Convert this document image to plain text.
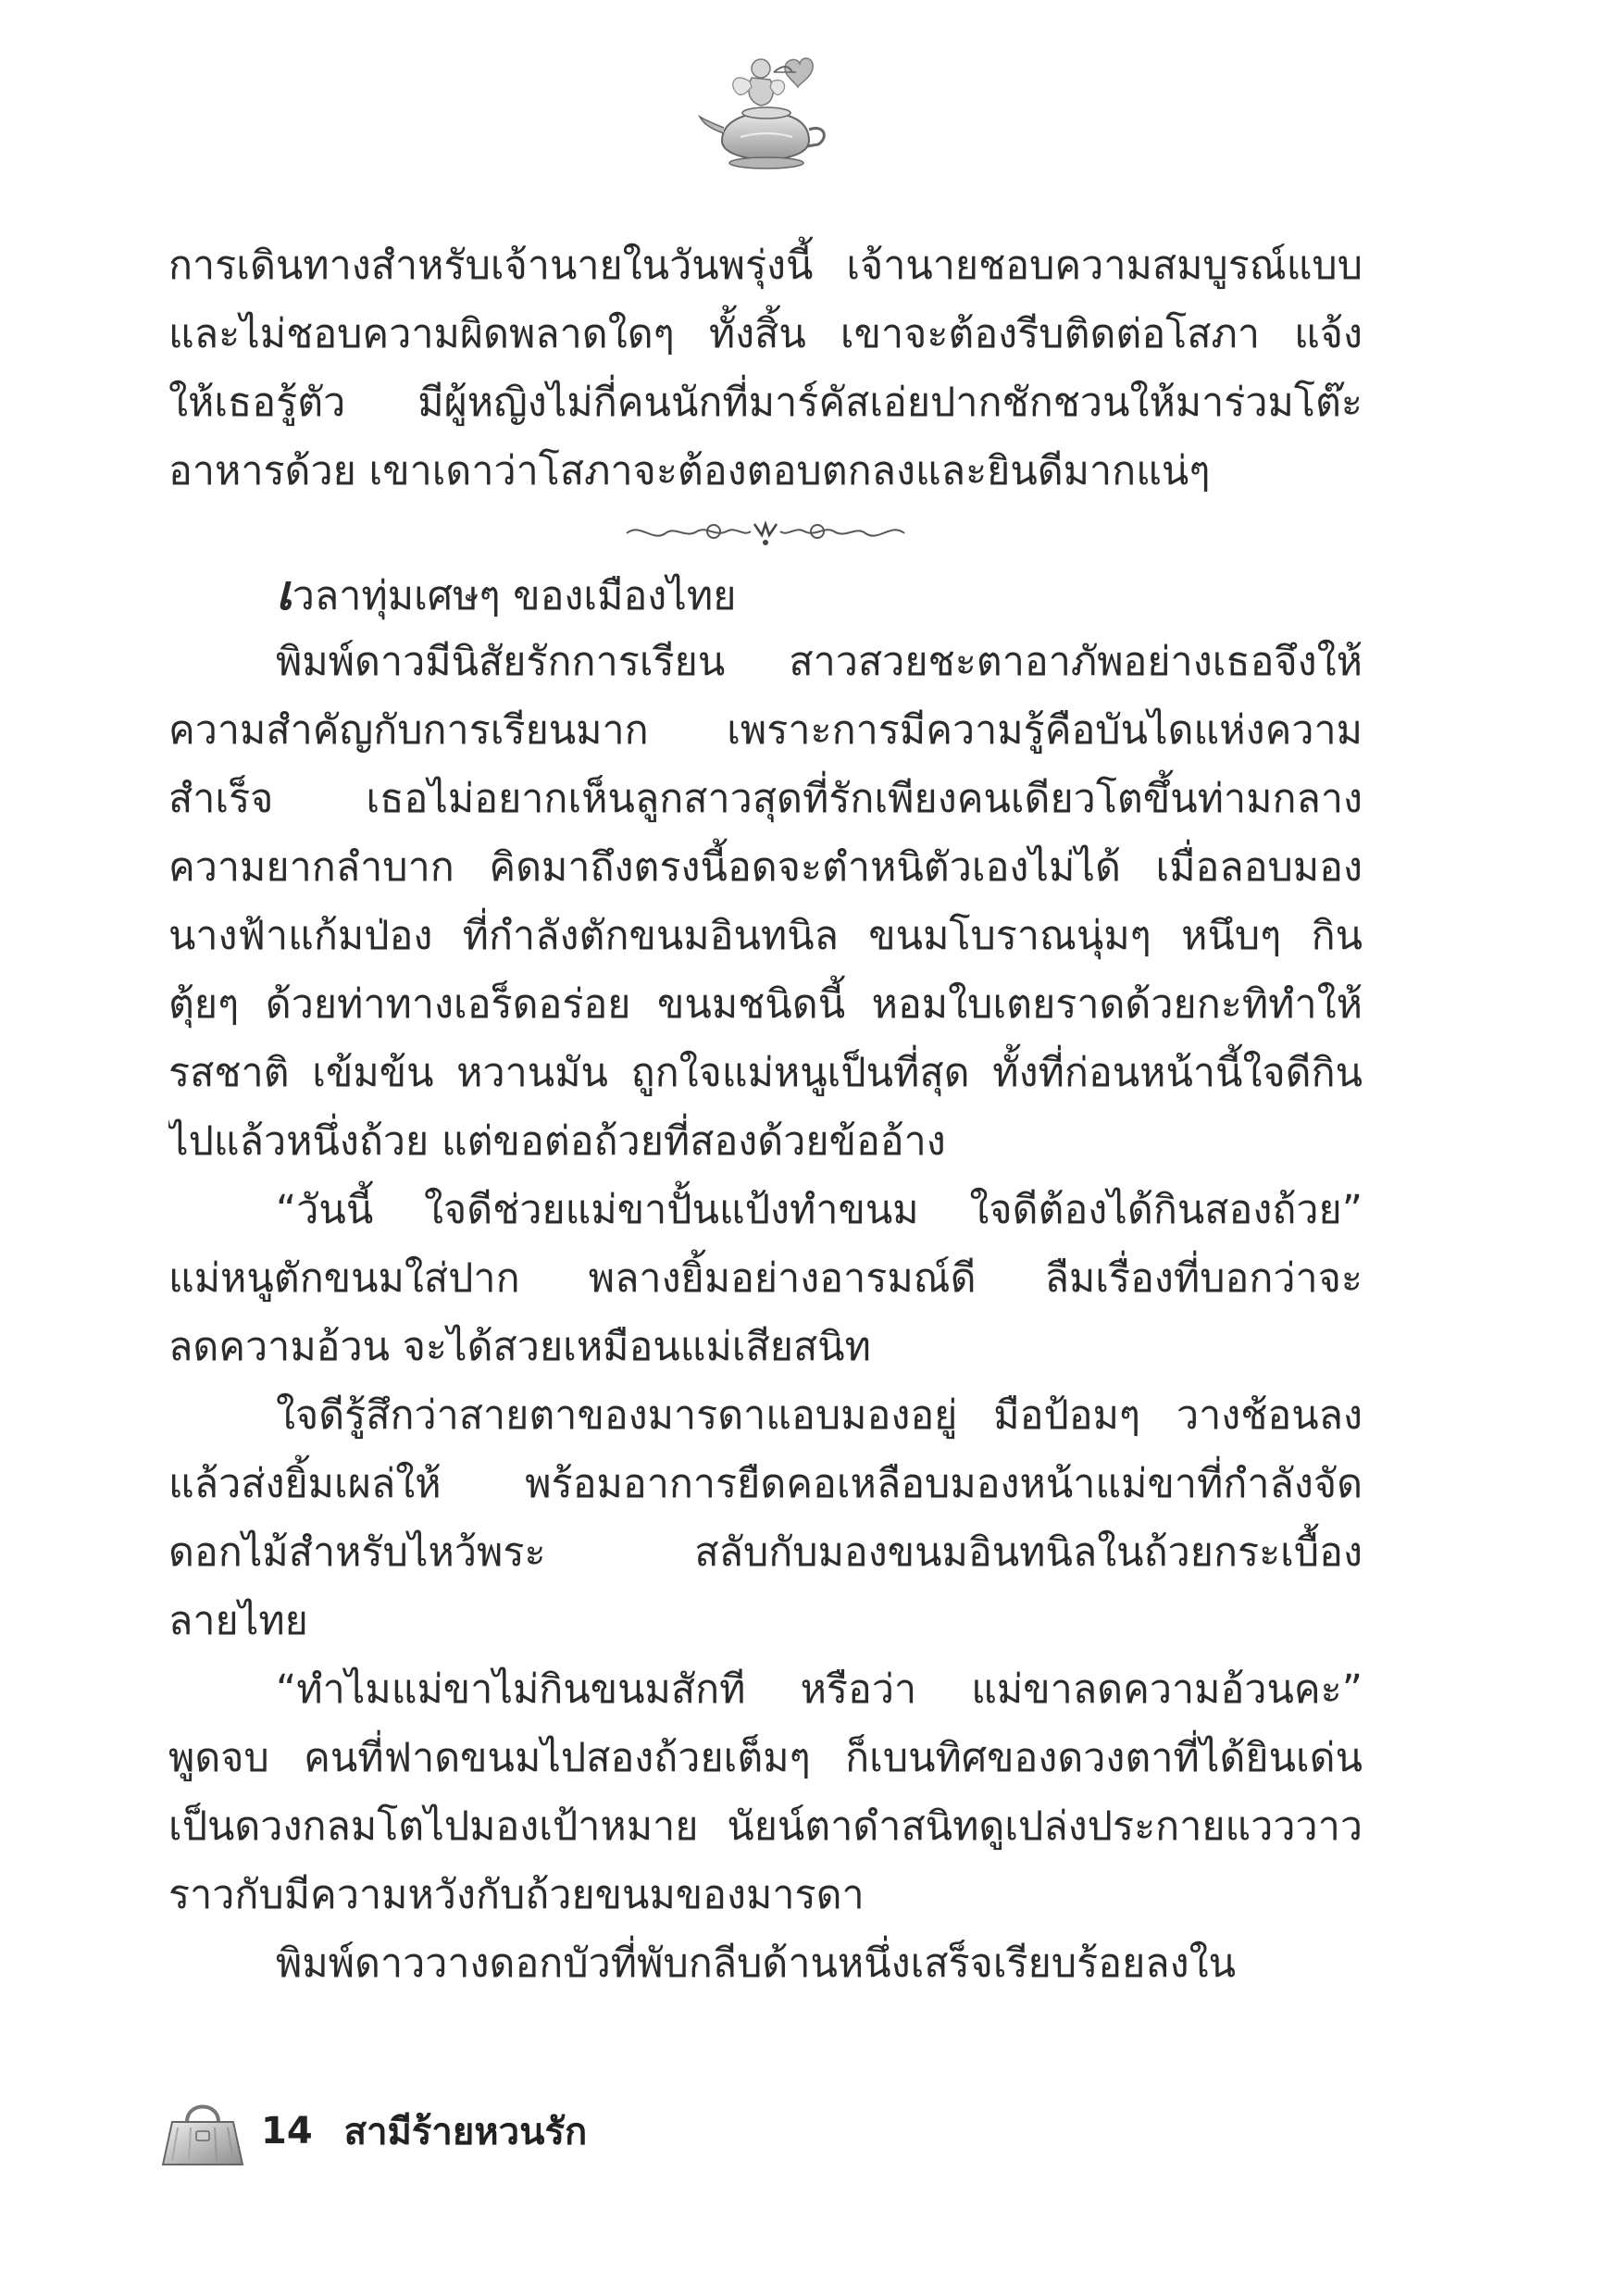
การเดินทางสำหรับเจ้านายในวันพรุ่งนี้ เจ้านายชอบความสมบูรณ์แบบ
และไม่ชอบความผิดพลาดใดๆ ทั้งสิ้น เขาจะต้องรีบติดต่อโสภา แจ้ง
ให้เธอรู้ตัว มีผู้หญิงไม่กี่คนนักที่มาร์คัสเอ่ยปากชักชวนให้มาร่วมโต๊ะ
อาหารด้วย เขาเดาว่าโสภาจะต้องตอบตกลงและยินดีมากแน่ๆ
เวลาทุ่มเศษๆ ของเมืองไทย
พิมพ์ดาวมีนิสัยรักการเรียน สาวสวยชะตาอาภัพอย่างเธอจึงให้
ความสำคัญกับการเรียนมาก เพราะการมีความรู้คือบันไดแห่งความ
สำเร็จ เธอไม่อยากเห็นลูกสาวสุดที่รักเพียงคนเดียวโตขึ้นท่ามกลาง
ความยากลำบาก คิดมาถึงตรงนี้อดจะตำหนิตัวเองไม่ได้ เมื่อลอบมอง
นางฟ้าแก้มป่อง ที่กำลังตักขนมอินทนิล ขนมโบราณนุ่มๆ หนึบๆ กิน
ตุ้ยๆ ด้วยท่าทางเอร็ดอร่อย ขนมชนิดนี้ หอมใบเตยราดด้วยกะทิทำให้
รสชาติ เข้มข้น หวานมัน ถูกใจแม่หนูเป็นที่สุด ทั้งที่ก่อนหน้านี้ใจดีกิน
ไปแล้วหนึ่งถ้วย แต่ขอต่อถ้วยที่สองด้วยข้ออ้าง
“วันนี้ ใจดีช่วยแม่ขาปั้นแป้งทำขนม ใจดีต้องได้กินสองถ้วย”
แม่หนูตักขนมใส่ปาก พลางยิ้มอย่างอารมณ์ดี ลืมเรื่องที่บอกว่าจะ
ลดความอ้วน จะได้สวยเหมือนแม่เสียสนิท
ใจดีรู้สึกว่าสายตาของมารดาแอบมองอยู่ มือป้อมๆ วางช้อนลง
แล้วส่งยิ้มเผล่ให้ พร้อมอาการยืดคอเหลือบมองหน้าแม่ขาที่กำลังจัด
ดอกไม้สำหรับไหว้พระ สลับกับมองขนมอินทนิลในถ้วยกระเบื้อง
ลายไทย
“ทำไมแม่ขาไม่กินขนมสักที หรือว่า แม่ขาลดความอ้วนคะ”
พูดจบ คนที่ฟาดขนมไปสองถ้วยเต็มๆ ก็เบนทิศของดวงตาที่ได้ยินเด่น
เป็นดวงกลมโตไปมองเป้าหมาย นัยน์ตาดำสนิทดูเปล่งประกายแวววาว
ราวกับมีความหวังกับถ้วยขนมของมารดา
พิมพ์ดาววางดอกบัวที่พับกลีบด้านหนึ่งเสร็จเรียบร้อยลงใน
14 สามีร้ายหวนรัก
